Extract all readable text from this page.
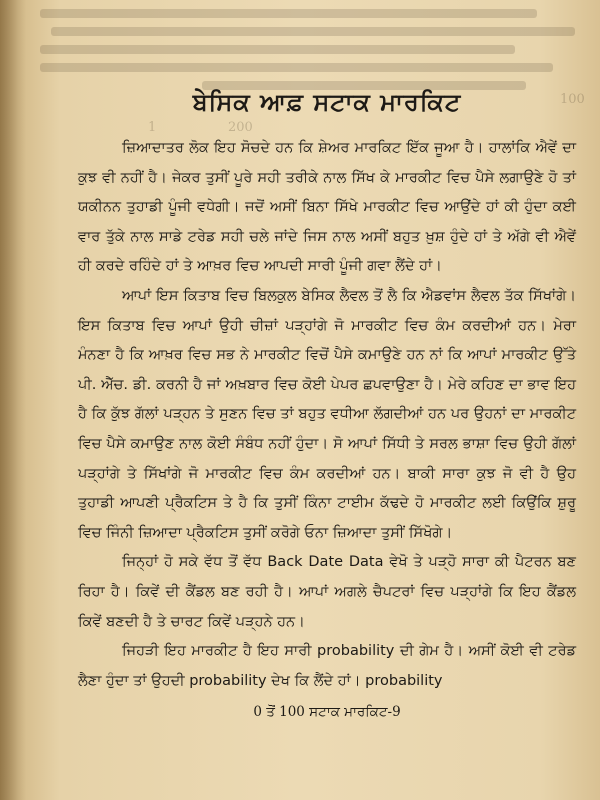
200
100
1
ਬੇਸਿਕ ਆਫ਼ ਸਟਾਕ ਮਾਰਕਿਟ

ਜ਼ਿਆਦਾਤਰ ਲੋਕ ਇਹ ਸੋਚਦੇ ਹਨ ਕਿ ਸ਼ੇਅਰ ਮਾਰਕਿਟ ਇੱਕ ਜੂਆ ਹੈ। ਹਾਲਾਂਕਿ ਐਵੇਂ ਦਾ ਕੁਝ ਵੀ ਨਹੀਂ ਹੈ। ਜੇਕਰ ਤੁਸੀਂ ਪੂਰੇ ਸਹੀ ਤਰੀਕੇ ਨਾਲ ਸਿੱਖ ਕੇ ਮਾਰਕੀਟ ਵਿਚ ਪੈਸੇ ਲਗਾਉਣੇ ਹੋ ਤਾਂ ਯਕੀਨਨ ਤੁਹਾਡੀ ਪੂੰਜੀ ਵਧੇਗੀ। ਜਦੋਂ ਅਸੀਂ ਬਿਨਾ ਸਿੱਖੇ ਮਾਰਕੀਟ ਵਿਚ ਆਉਂਦੇ ਹਾਂ ਕੀ ਹੁੰਦਾ ਕਈ ਵਾਰ ਤੁੱਕੇ ਨਾਲ ਸਾਡੇ ਟਰੇਡ ਸਹੀ ਚਲੇ ਜਾਂਦੇ ਜਿਸ ਨਾਲ ਅਸੀਂ ਬਹੁਤ ਖ਼ੁਸ਼ ਹੁੰਦੇ ਹਾਂ ਤੇ ਅੱਗੇ ਵੀ ਐਵੇਂ ਹੀ ਕਰਦੇ ਰਹਿੰਦੇ ਹਾਂ ਤੇ ਆਖ਼ਰ ਵਿਚ ਆਪਦੀ ਸਾਰੀ ਪੂੰਜੀ ਗਵਾ ਲੈਂਦੇ ਹਾਂ।

ਆਪਾਂ ਇਸ ਕਿਤਾਬ ਵਿਚ ਬਿਲਕੁਲ ਬੇਸਿਕ ਲੈਵਲ ਤੋਂ ਲੈ ਕਿ ਐਡਵਾਂਸ ਲੈਵਲ ਤੱਕ ਸਿੱਖਾਂਗੇ। ਇਸ ਕਿਤਾਬ ਵਿਚ ਆਪਾਂ ਉਹੀ ਚੀਜ਼ਾਂ ਪੜ੍ਹਾਂਗੇ ਜੋ ਮਾਰਕੀਟ ਵਿਚ ਕੰਮ ਕਰਦੀਆਂ ਹਨ। ਮੇਰਾ ਮੰਨਣਾ ਹੈ ਕਿ ਆਖ਼ਰ ਵਿਚ ਸਭ ਨੇ ਮਾਰਕੀਟ ਵਿਚੋਂ ਪੈਸੇ ਕਮਾਉਣੇ ਹਨ ਨਾਂ ਕਿ ਆਪਾਂ ਮਾਰਕੀਟ ਉੱਤੇ ਪੀ. ਐੱਚ. ਡੀ. ਕਰਨੀ ਹੈ ਜਾਂ ਅਖ਼ਬਾਰ ਵਿਚ ਕੋਈ ਪੇਪਰ ਛਪਵਾਉਣਾ ਹੈ। ਮੇਰੇ ਕਹਿਣ ਦਾ ਭਾਵ ਇਹ ਹੈ ਕਿ ਕੁੱਝ ਗੱਲਾਂ ਪੜ੍ਹਨ ਤੇ ਸੁਣਨ ਵਿਚ ਤਾਂ ਬਹੁਤ ਵਧੀਆ ਲੱਗਦੀਆਂ ਹਨ ਪਰ ਉਹਨਾਂ ਦਾ ਮਾਰਕੀਟ ਵਿਚ ਪੈਸੇ ਕਮਾਉਣ ਨਾਲ ਕੋਈ ਸੰਬੰਧ ਨਹੀਂ ਹੁੰਦਾ। ਸੋ ਆਪਾਂ ਸਿੱਧੀ ਤੇ ਸਰਲ ਭਾਸ਼ਾ ਵਿਚ ਉਹੀ ਗੱਲਾਂ ਪੜ੍ਹਾਂਗੇ ਤੇ ਸਿੱਖਾਂਗੇ ਜੋ ਮਾਰਕੀਟ ਵਿਚ ਕੰਮ ਕਰਦੀਆਂ ਹਨ। ਬਾਕੀ ਸਾਰਾ ਕੁਝ ਜੋ ਵੀ ਹੈ ਉਹ ਤੁਹਾਡੀ ਆਪਣੀ ਪ੍ਰੈਕਟਿਸ ਤੇ ਹੈ ਕਿ ਤੁਸੀਂ ਕਿੰਨਾ ਟਾਈਮ ਕੱਢਦੇ ਹੋ ਮਾਰਕੀਟ ਲਈ ਕਿਉਂਕਿ ਸ਼ੁਰੂ ਵਿਚ ਜਿੰਨੀ ਜ਼ਿਆਦਾ ਪ੍ਰੈਕਟਿਸ ਤੁਸੀਂ ਕਰੋਗੇ ਓਨਾ ਜ਼ਿਆਦਾ ਤੁਸੀਂ ਸਿੱਖੋਗੇ।

ਜਿਨ੍ਹਾਂ ਹੋ ਸਕੇ ਵੱਧ ਤੋਂ ਵੱਧ Back Date Data ਵੇਖੋ ਤੇ ਪੜ੍ਹੋ ਸਾਰਾ ਕੀ ਪੈਟਰਨ ਬਣ ਰਿਹਾ ਹੈ। ਕਿਵੇਂ ਦੀ ਕੈਂਡਲ ਬਣ ਰਹੀ ਹੈ। ਆਪਾਂ ਅਗਲੇ ਚੈਪਟਰਾਂ ਵਿਚ ਪੜ੍ਹਾਂਗੇ ਕਿ ਇਹ ਕੈਂਡਲ ਕਿਵੇਂ ਬਣਦੀ ਹੈ ਤੇ ਚਾਰਟ ਕਿਵੇਂ ਪੜ੍ਹਨੇ ਹਨ।

ਜਿਹੜੀ ਇਹ ਮਾਰਕੀਟ ਹੈ ਇਹ ਸਾਰੀ probability ਦੀ ਗੇਮ ਹੈ। ਅਸੀਂ ਕੋਈ ਵੀ ਟਰੇਡ ਲੈਣਾ ਹੁੰਦਾ ਤਾਂ ਉਹਦੀ probability ਦੇਖ ਕਿ ਲੈਂਦੇ ਹਾਂ। probability

0 ਤੋਂ 100 ਸਟਾਕ ਮਾਰਕਿਟ-9
